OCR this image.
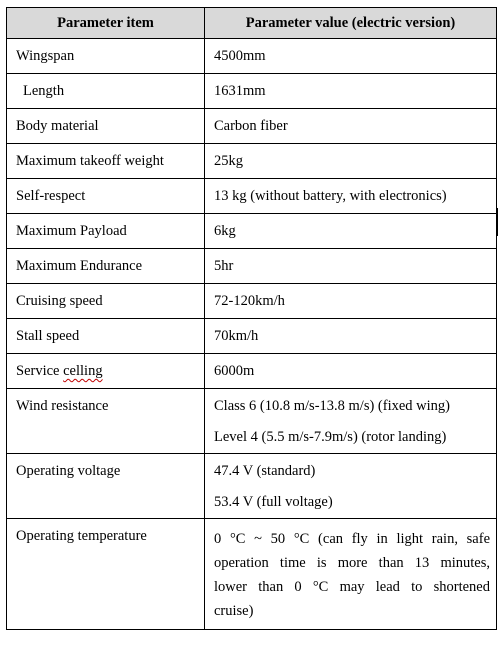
Parameter item	Parameter value (electric version)
Wingspan	4500mm
Length	1631mm
Body material	Carbon fiber
Maximum takeoff weight	25kg
Self-respect	13 kg (without battery, with electronics)
Maximum Payload	6kg
Maximum Endurance	5hr
Cruising speed	72-120km/h
Stall speed	70km/h
Service celling	6000m
Wind resistance	Class 6 (10.8 m/s-13.8 m/s) (fixed wing)
Level 4 (5.5 m/s-7.9m/s) (rotor landing)

Operating voltage	47.4 V (standard)
53.4 V (full voltage)

Operating temperature	0 °C ~ 50 °C (can fly in light rain, safe
operation time is more than 13 minutes,
lower than 0 °C may lead to shortened
cruise)
